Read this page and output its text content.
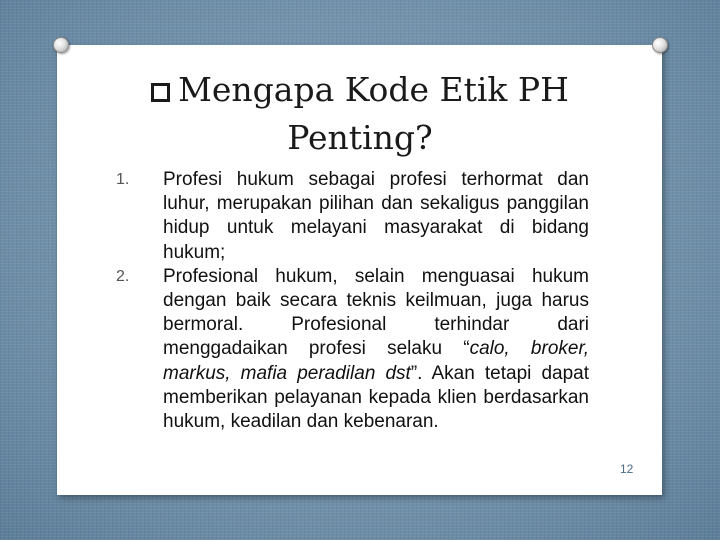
Mengapa Kode Etik PH Penting?
1. Profesi hukum sebagai profesi terhormat dan luhur, merupakan pilihan dan sekaligus panggilan hidup untuk melayani masyarakat di bidang hukum;
2. Profesional hukum, selain menguasai hukum dengan baik secara teknis keilmuan, juga harus bermoral. Profesional terhindar dari menggadaikan profesi selaku “calo, broker, markus, mafia peradilan dst”. Akan tetapi dapat memberikan pelayanan kepada klien berdasarkan hukum, keadilan dan kebenaran.
12
